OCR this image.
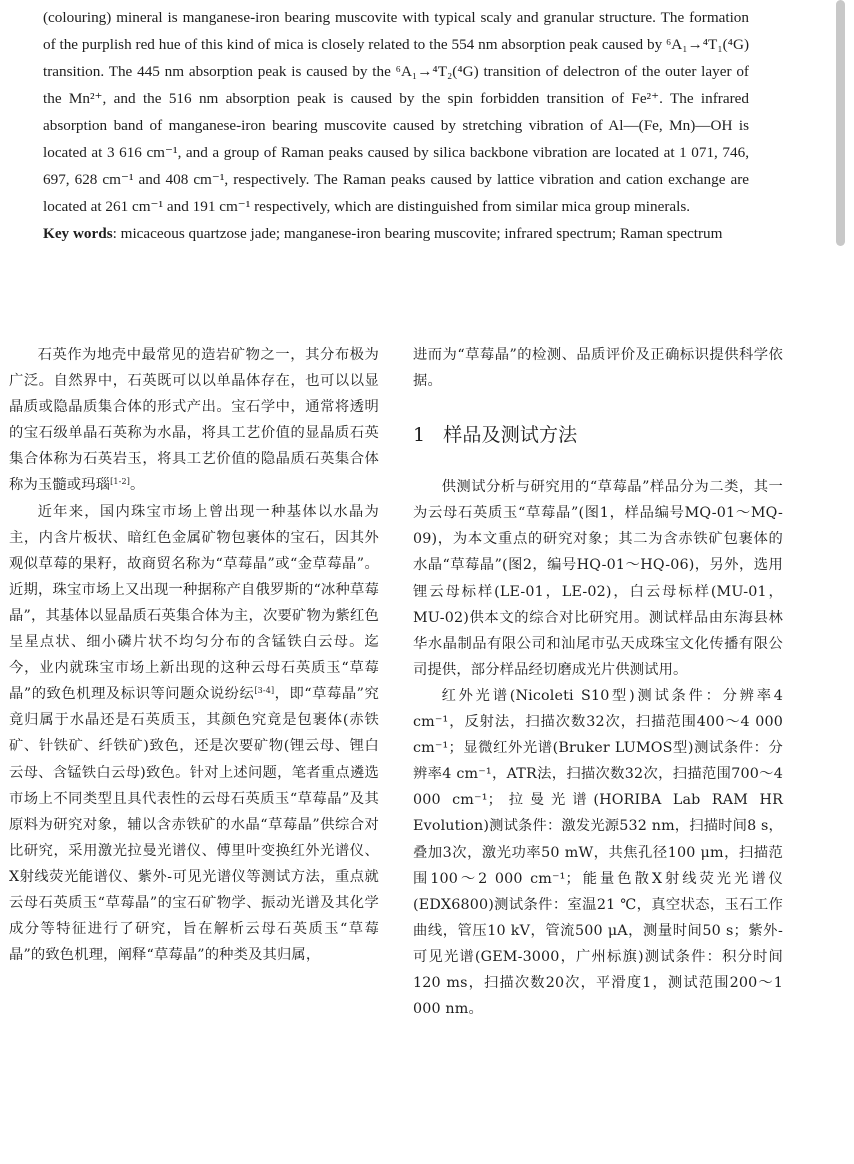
(colouring) mineral is manganese-iron bearing muscovite with typical scaly and granular structure. The formation of the purplish red hue of this kind of mica is closely related to the 554 nm absorption peak caused by ⁶A₁→⁴T₁(⁴G) transition. The 445 nm absorption peak is caused by the ⁶A₁→⁴T₂(⁴G) transition of delectron of the outer layer of the Mn²⁺, and the 516 nm absorption peak is caused by the spin forbidden transition of Fe²⁺. The infrared absorption band of manganese-iron bearing muscovite caused by stretching vibration of Al—(Fe, Mn)—OH is located at 3 616 cm⁻¹, and a group of Raman peaks caused by silica backbone vibration are located at 1 071, 746, 697, 628 cm⁻¹ and 408 cm⁻¹, respectively. The Raman peaks caused by lattice vibration and cation exchange are located at 261 cm⁻¹ and 191 cm⁻¹ respectively, which are distinguished from similar mica group minerals.

Key words: micaceous quartzose jade; manganese-iron bearing muscovite; infrared spectrum; Raman spectrum

石英作为地壳中最常见的造岩矿物之一，其分布极为广泛。自然界中，石英既可以以单晶体存在，也可以以显晶质或隐晶质集合体的形式产出。宝石学中，通常将透明的宝石级单晶石英称为水晶，将具工艺价值的显晶质石英集合体称为石英岩玉，将具工艺价值的隐晶质石英集合体称为玉髓或玛瑙[1-2]。

近年来，国内珠宝市场上曾出现一种基体以水晶为主，内含片板状、暗红色金属矿物包裹体的宝石，因其外观似草莓的果籽，故商贸名称为“草莓晶”或“金草莓晶”。近期，珠宝市场上又出现一种据称产自俄罗斯的“冰种草莓晶”，其基体以显晶质石英集合体为主，次要矿物为紫红色呈星点状、细小磷片状不均匀分布的含锰铁白云母。迄今，业内就珠宝市场上新出现的这种云母石英质玉“草莓晶”的致色机理及标识等问题众说纷纭[3-4]，即“草莓晶”究竟归属于水晶还是石英质玉，其颜色究竟是包裹体(赤铁矿、针铁矿、纤铁矿)致色，还是次要矿物(锂云母、锂白云母、含锰铁白云母)致色。针对上述问题，笔者重点遴选市场上不同类型且具代表性的云母石英质玉“草莓晶”及其原料为研究对象，辅以含赤铁矿的水晶“草莓晶”供综合对比研究，采用激光拉曼光谱仪、傅里叶变换红外光谱仪、X射线荧光能谱仪、紫外-可见光谱仪等测试方法，重点就云母石英质玉“草莓晶”的宝石矿物学、振动光谱及其化学成分等特征进行了研究，旨在解析云母石英质玉“草莓晶”的致色机理，阐释“草莓晶”的种类及其归属，

进而为“草莓晶”的检测、品质评价及正确标识提供科学依据。

1 样品及测试方法

供测试分析与研究用的“草莓晶”样品分为二类，其一为云母石英质玉“草莓晶”(图1，样品编号MQ-01～MQ-09)，为本文重点的研究对象；其二为含赤铁矿包裹体的水晶“草莓晶”(图2，编号HQ-01～HQ-06)，另外，选用锂云母标样(LE-01，LE-02)，白云母标样(MU-01，MU-02)供本文的综合对比研究用。测试样品由东海县林华水晶制品有限公司和汕尾市弘天成珠宝文化传播有限公司提供，部分样品经切磨成光片供测试用。

红外光谱(Nicoleti S10型)测试条件：分辨率4 cm⁻¹，反射法，扫描次数32次，扫描范围400～4 000 cm⁻¹；显微红外光谱(Bruker LUMOS型)测试条件：分辨率4 cm⁻¹，ATR法，扫描次数32次，扫描范围700～4 000 cm⁻¹；拉曼光谱(HORIBA Lab RAM HR Evolution)测试条件：激发光源532 nm，扫描时间8 s，叠加3次，激光功率50 mW，共焦孔径100 μm，扫描范围100～2 000 cm⁻¹；能量色散X射线荧光光谱仪(EDX6800)测试条件：室温21 ℃，真空状态，玉石工作曲线，管压10 kV，管流500 μA，测量时间50 s；紫外-可见光谱(GEM-3000，广州标旗)测试条件：积分时间120 ms，扫描次数20次，平滑度1，测试范围200～1 000 nm。
